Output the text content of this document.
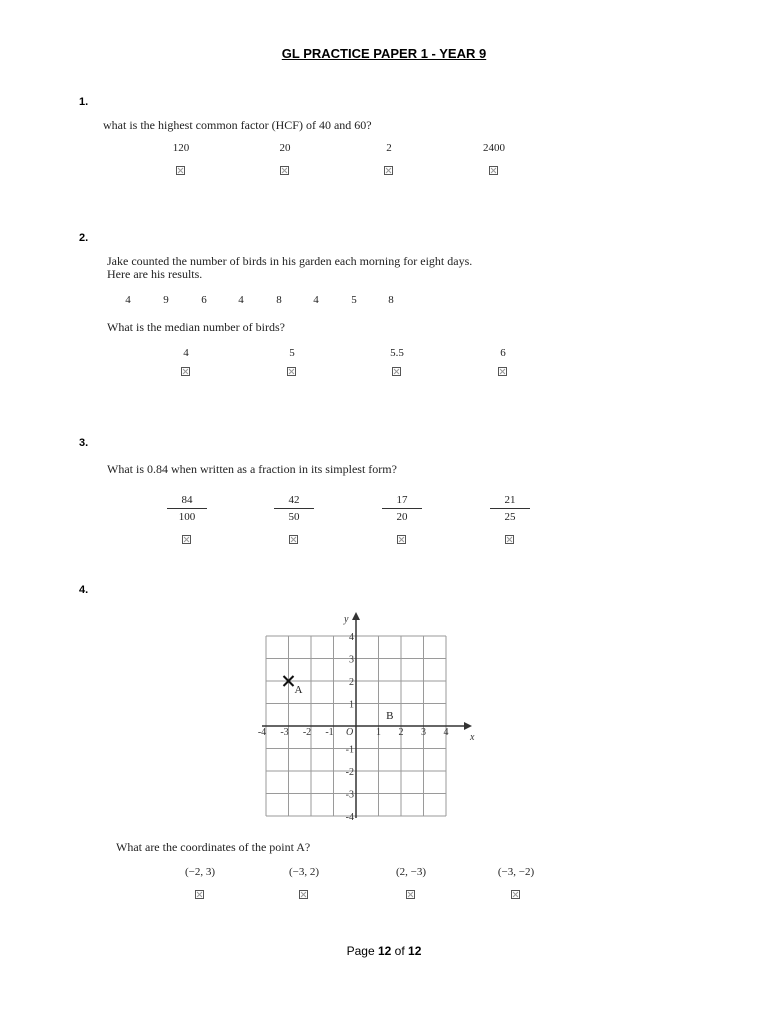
GL PRACTICE PAPER 1 - YEAR 9
1.
what is the highest common factor (HCF) of 40 and 60?
120	20	2	2400
2.
Jake counted the number of birds in his garden each morning for eight days.
Here are his results.
4	9	6	4	8	4	5	8
What is the median number of birds?
4	5	5.5	6
3.
What is 0.84 when written as a fraction in its simplest form?
$\frac{84}{100}$	$\frac{42}{50}$	$\frac{17}{20}$	$\frac{21}{25}$
4.
x
y
-4 -3 -2 -1 O 1 2 3 4
4
3
2
1
-1
-2
-3
-4
A
B
What are the coordinates of the point A?
(−2, 3)	(−3, 2)	(2, −3)	(−3, −2)
Page 12 of 12
